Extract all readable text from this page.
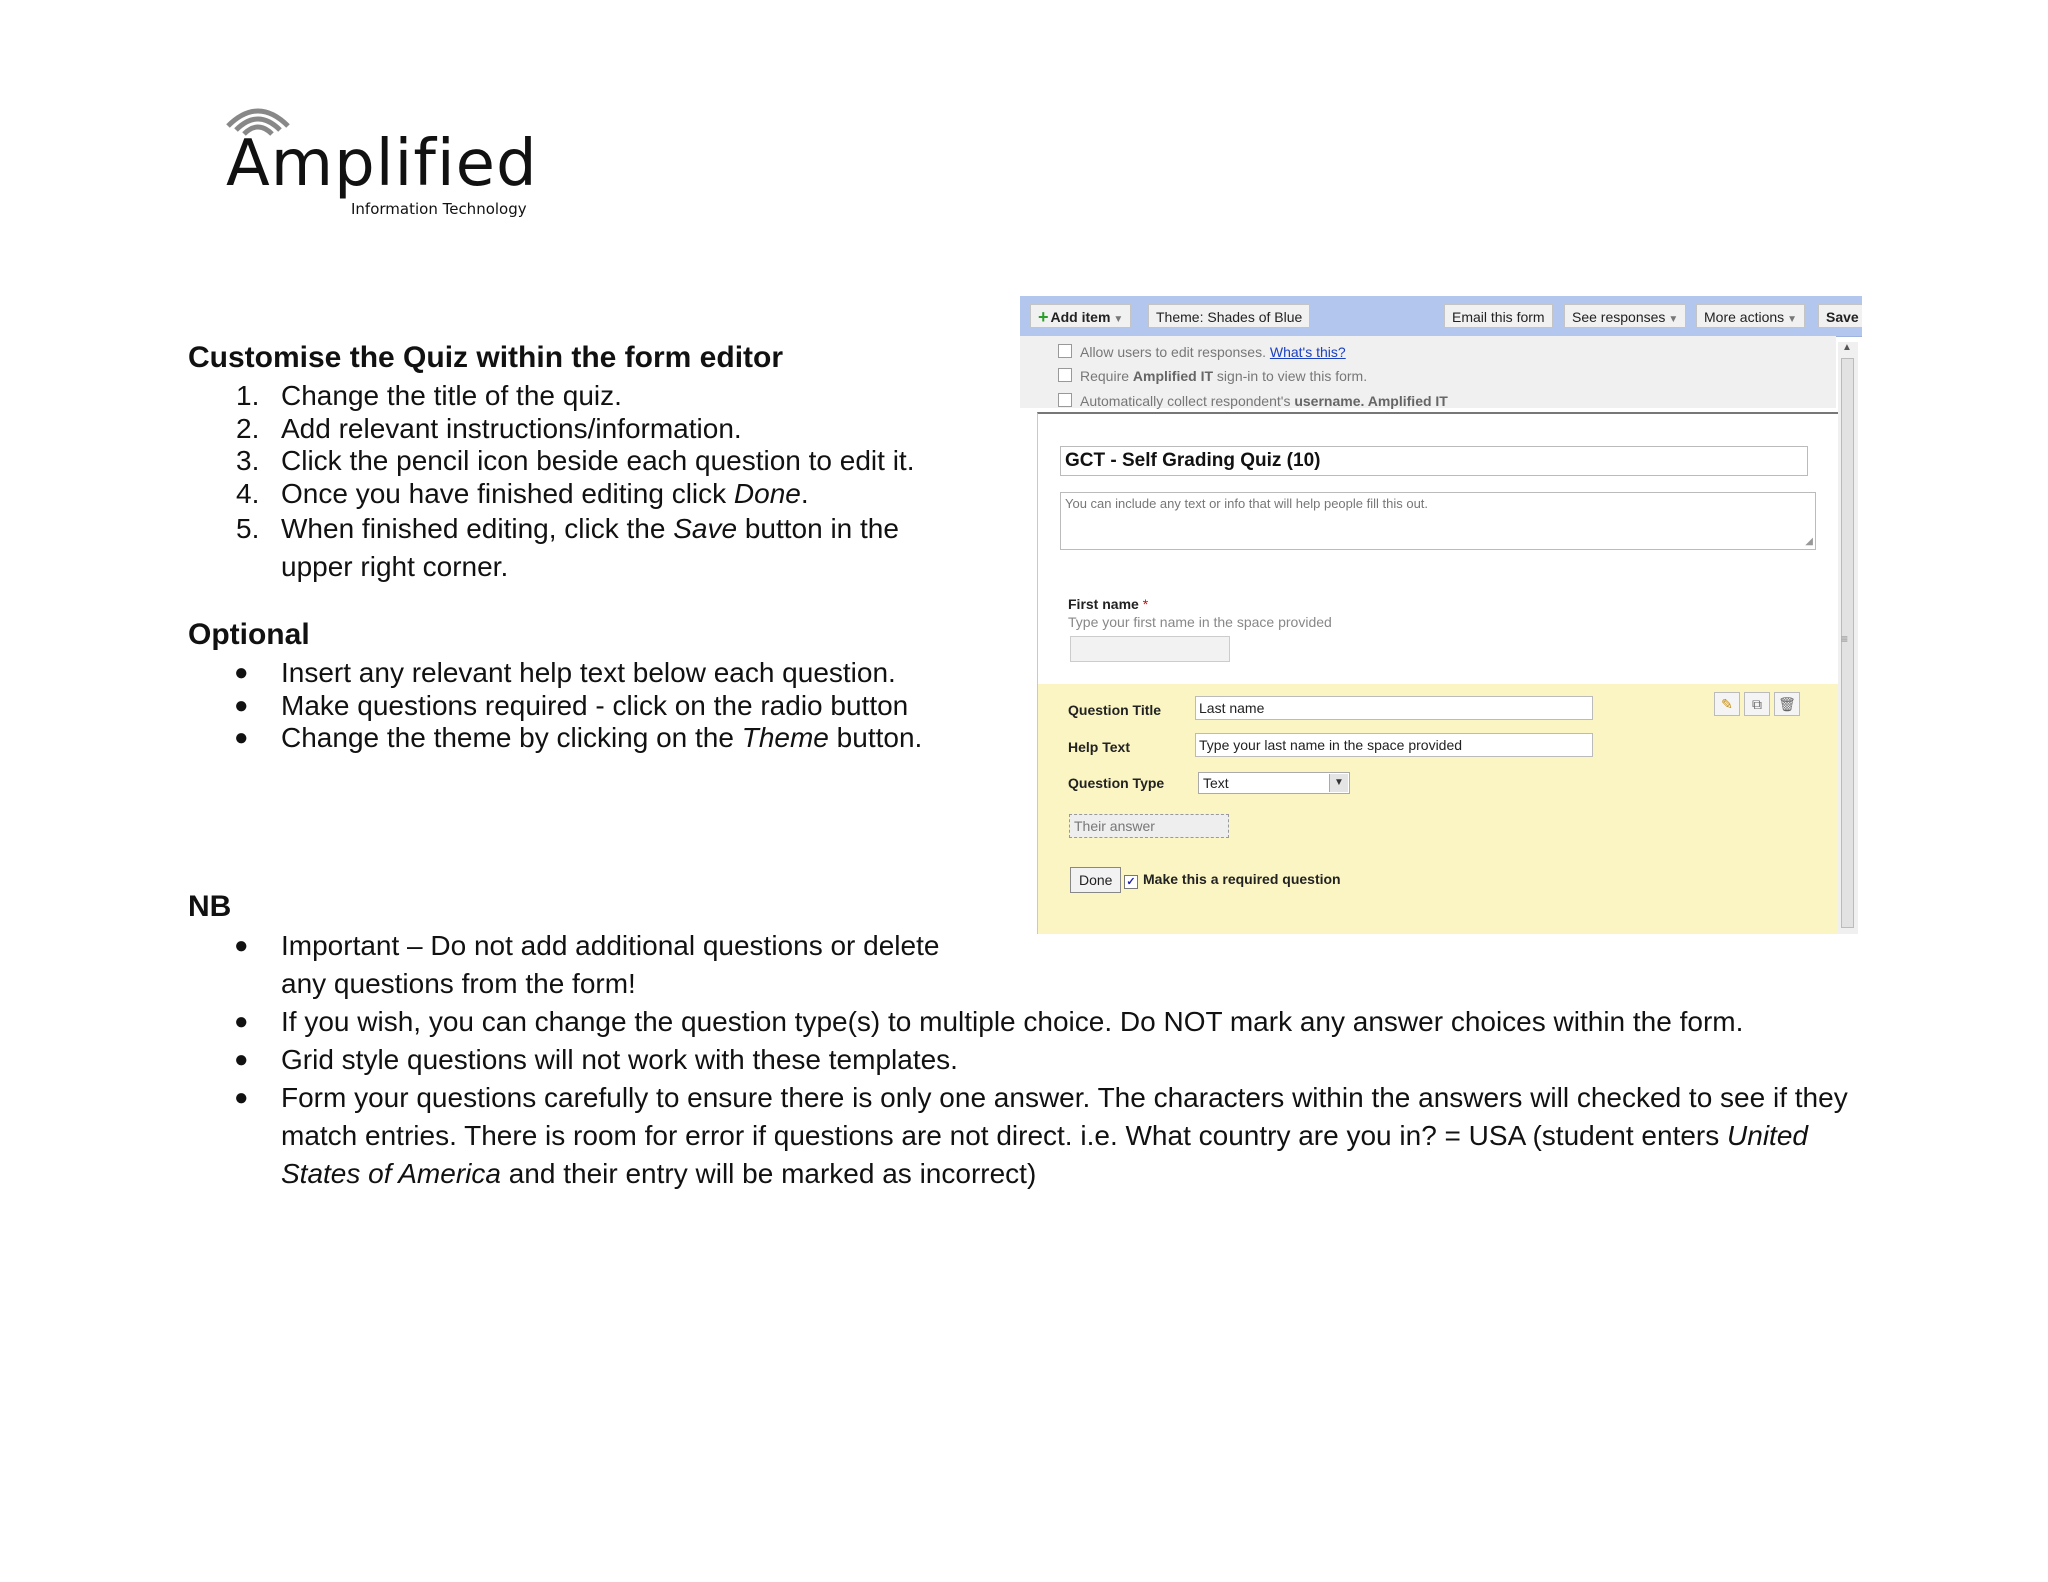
Amplified
Information Technology
Customise the Quiz within the form editor
1. Change the title of the quiz.
2. Add relevant instructions/information.
3. Click the pencil icon beside each question to edit it.
4. Once you have finished editing click Done.
5. When finished editing, click the Save button in the upper right corner.
Optional
● Insert any relevant help text below each question.
● Make questions required - click on the radio button
● Change the theme by clicking on the Theme button.
NB
● Important – Do not add additional questions or delete any questions from the form!
● If you wish, you can change the question type(s) to multiple choice. Do NOT mark any answer choices within the form.
● Grid style questions will not work with these templates.
● Form your questions carefully to ensure there is only one answer. The characters within the answers will checked to see if they match entries. There is room for error if questions are not direct. i.e. What country are you in? = USA (student enters United States of America and their entry will be marked as incorrect)
+ Add item ▼	Theme: Shades of Blue	Email this form	See responses ▼	More actions ▼	Save
Allow users to edit responses. What's this?
Require Amplified IT sign-in to view this form.
Automatically collect respondent's username. Amplified IT
GCT - Self Grading Quiz (10)
You can include any text or info that will help people fill this out.
◢
First name *
Type your first name in the space provided
Question Title	Last name
Help Text	Type your last name in the space provided
Question Type	Text	▼
Their answer
Done	✓ Make this a required question
✎ ⧉ 🗑
▲
≡
